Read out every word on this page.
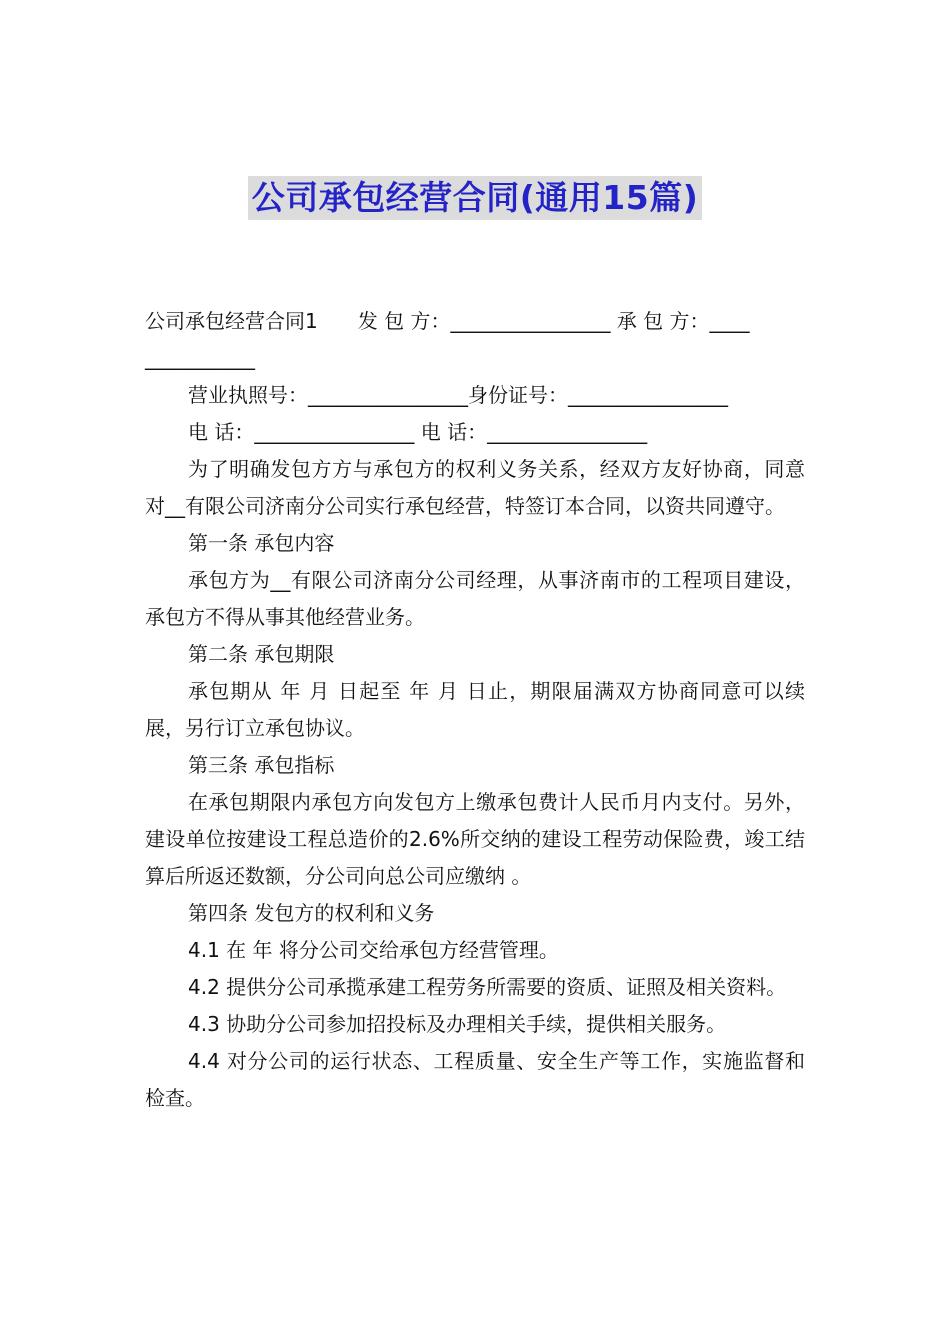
公司承包经营合同(通用15篇)

公司承包经营合同1 发 包 方：________________ 承 包 方：____

___________

营业执照号：________________身份证号：________________

电 话：________________ 电 话：________________

为了明确发包方方与承包方的权利义务关系，经双方友好协商，同意对__有限公司济南分公司实行承包经营，特签订本合同，以资共同遵守。

第一条 承包内容

承包方为__有限公司济南分公司经理，从事济南市的工程项目建设，承包方不得从事其他经营业务。

第二条 承包期限

承包期从 年 月 日起至 年 月 日止，期限届满双方协商同意可以续展，另行订立承包协议。

第三条 承包指标

在承包期限内承包方向发包方上缴承包费计人民币月内支付。另外，建设单位按建设工程总造价的2.6%所交纳的建设工程劳动保险费，竣工结算后所返还数额，分公司向总公司应缴纳 。

第四条 发包方的权利和义务

4.1 在 年 将分公司交给承包方经营管理。

4.2 提供分公司承揽承建工程劳务所需要的资质、证照及相关资料。

4.3 协助分公司参加招投标及办理相关手续，提供相关服务。

4.4 对分公司的运行状态、工程质量、安全生产等工作，实施监督和检查。
